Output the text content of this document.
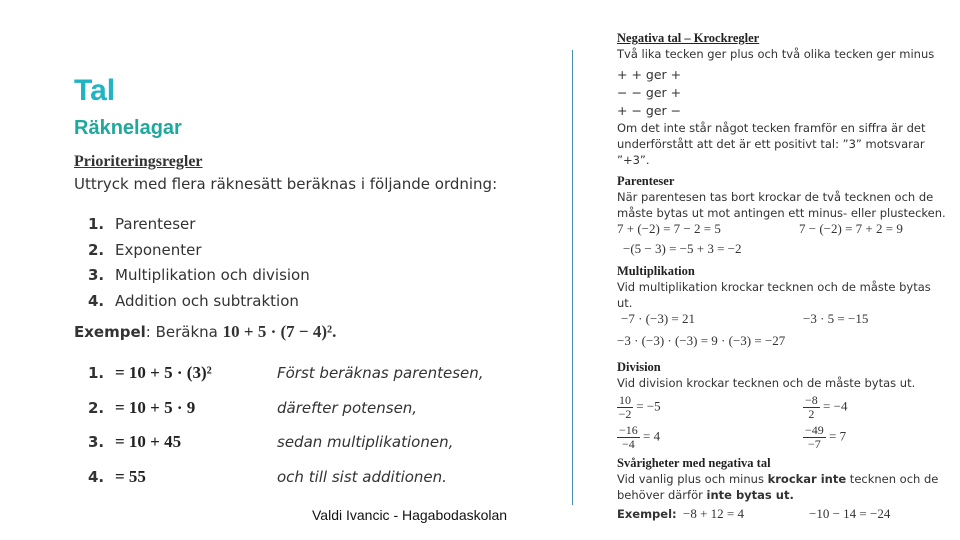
Tal
Räknelagar
Prioriteringsregler
Uttryck med flera räknesätt beräknas i följande ordning:
1. Parenteser
2. Exponenter
3. Multiplikation och division
4. Addition och subtraktion
Exempel: Beräkna 10 + 5 · (7 − 4)².
1. = 10 + 5 · (3)²	Först beräknas parentesen,
2. = 10 + 5 · 9	därefter potensen,
3. = 10 + 45	sedan multiplikationen,
4. = 55	och till sist additionen.
Valdi Ivancic - Hagabodaskolan
Negativa tal – Krockregler
Två lika tecken ger plus och två olika tecken ger minus
+ + ger +
− − ger +
+ − ger −
Om det inte står något tecken framför en siffra är det
underförstått att det är ett positivt tal: ”3” motsvarar ”+3”.
Parenteser
När parentesen tas bort krockar de två tecknen och de
måste bytas ut mot antingen ett minus- eller plustecken.
7 + (−2) = 7 − 2 = 5	7 − (−2) = 7 + 2 = 9
−(5 − 3) = −5 + 3 = −2
Multiplikation
Vid multiplikation krockar tecknen och de måste bytas ut.
−7 · (−3) = 21	−3 · 5 = −15
−3 · (−3) · (−3) = 9 · (−3) = −27
Division
Vid division krockar tecknen och de måste bytas ut.
$\frac{10}{-2} = -5$	$\frac{-8}{2} = -4$
$\frac{-16}{-4} = 4$	$\frac{-49}{-7} = 7$
Svårigheter med negativa tal
Vid vanlig plus och minus krockar inte tecknen och de
behöver därför inte bytas ut.
Exempel: −8 + 12 = 4	−10 − 14 = −24
